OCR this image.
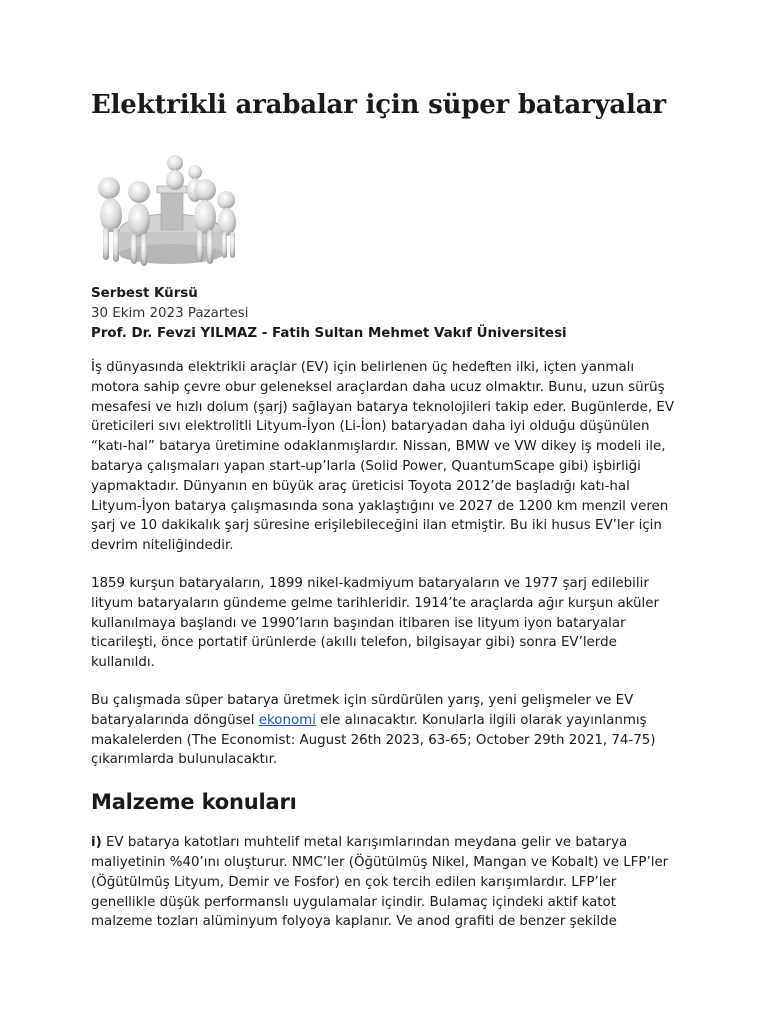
Elektrikli arabalar için süper bataryalar
Serbest Kürsü
30 Ekim 2023 Pazartesi
Prof. Dr. Fevzi YILMAZ - Fatih Sultan Mehmet Vakıf Üniversitesi

İş dünyasında elektrikli araçlar (EV) için belirlenen üç hedeften ilki, içten yanmalı motora sahip çevre obur geleneksel araçlardan daha ucuz olmaktır. Bunu, uzun sürüş mesafesi ve hızlı dolum (şarj) sağlayan batarya teknolojileri takip eder. Bugünlerde, EV üreticileri sıvı elektrolitli Lityum-İyon (Li-İon) bataryadan daha iyi olduğu düşünülen “katı-hal” batarya üretimine odaklanmışlardır. Nissan, BMW ve VW dikey iş modeli ile, batarya çalışmaları yapan start-up’larla (Solid Power, QuantumScape gibi) işbirliği yapmaktadır. Dünyanın en büyük araç üreticisi Toyota 2012’de başladığı katı-hal Lityum-İyon batarya çalışmasında sona yaklaştığını ve 2027 de 1200 km menzil veren şarj ve 10 dakikalık şarj süresine erişilebileceğini ilan etmiştir. Bu iki husus EV’ler için devrim niteliğindedir.

1859 kurşun bataryaların, 1899 nikel-kadmiyum bataryaların ve 1977 şarj edilebilir lityum bataryaların gündeme gelme tarihleridir. 1914’te araçlarda ağır kurşun aküler kullanılmaya başlandı ve 1990’ların başından itibaren ise lityum iyon bataryalar ticarileşti, önce portatif ürünlerde (akıllı telefon, bilgisayar gibi) sonra EV’lerde kullanıldı.

Bu çalışmada süper batarya üretmek için sürdürülen yarış, yeni gelişmeler ve EV bataryalarında döngüsel ekonomi ele alınacaktır. Konularla ilgili olarak yayınlanmış makalelerden (The Economist: August 26th 2023, 63-65; October 29th 2021, 74-75) çıkarımlarda bulunulacaktır.

Malzeme konuları

i) EV batarya katotları muhtelif metal karışımlarından meydana gelir ve batarya maliyetinin %40’ını oluşturur. NMC’ler (Öğütülmüş Nikel, Mangan ve Kobalt) ve LFP’ler (Öğütülmüş Lityum, Demir ve Fosfor) en çok tercih edilen karışımlardır. LFP’ler genellikle düşük performanslı uygulamalar içindir. Bulamaç içindeki aktif katot malzeme tozları alüminyum folyoya kaplanır. Ve anod grafiti de benzer şekilde
